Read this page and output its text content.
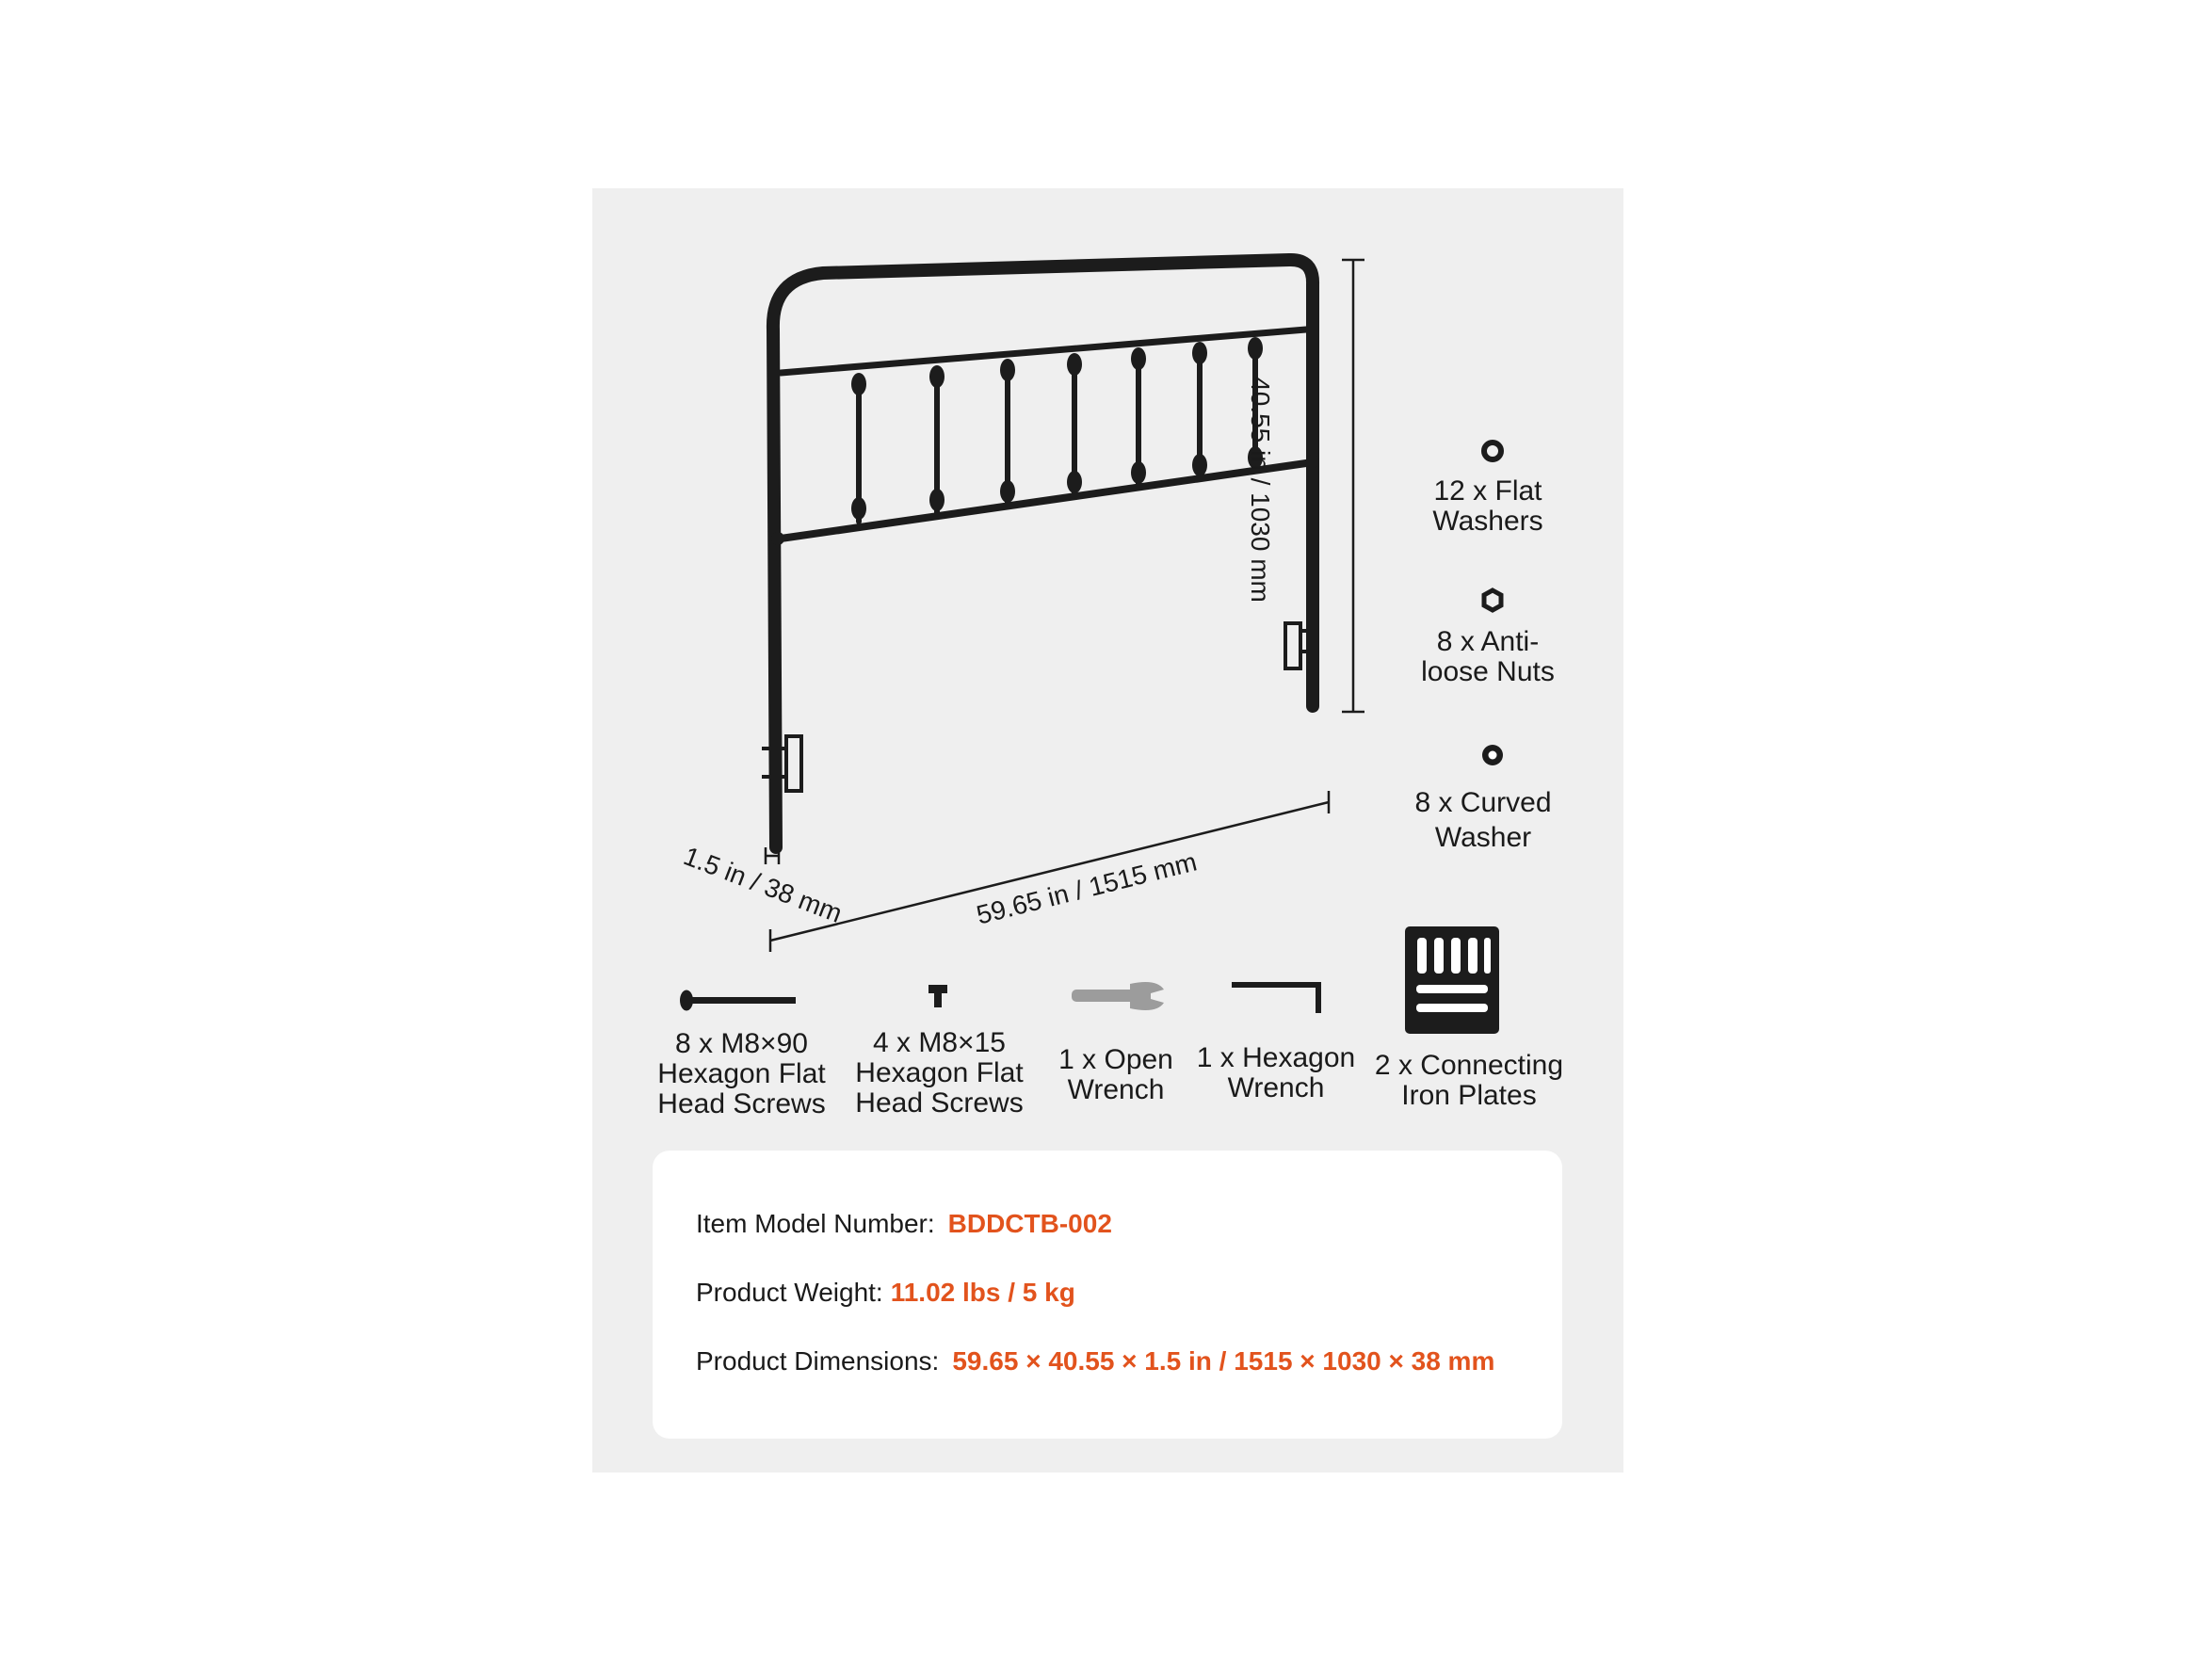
40.55 in / 1030 mm
59.65 in / 1515 mm
1.5 in / 38 mm
12 x Flat
Washers
8 x Anti-
loose Nuts
8 x Curved
Washer
8 x M8×90
Hexagon Flat
Head Screws
4 x M8×15
Hexagon Flat
Head Screws
1 x Open
Wrench
1 x Hexagon
Wrench
2 x Connecting
Iron Plates
Item Model Number: BDDCTB-002
Product Weight: 11.02 lbs / 5 kg
Product Dimensions: 59.65 × 40.55 × 1.5 in / 1515 × 1030 × 38 mm
